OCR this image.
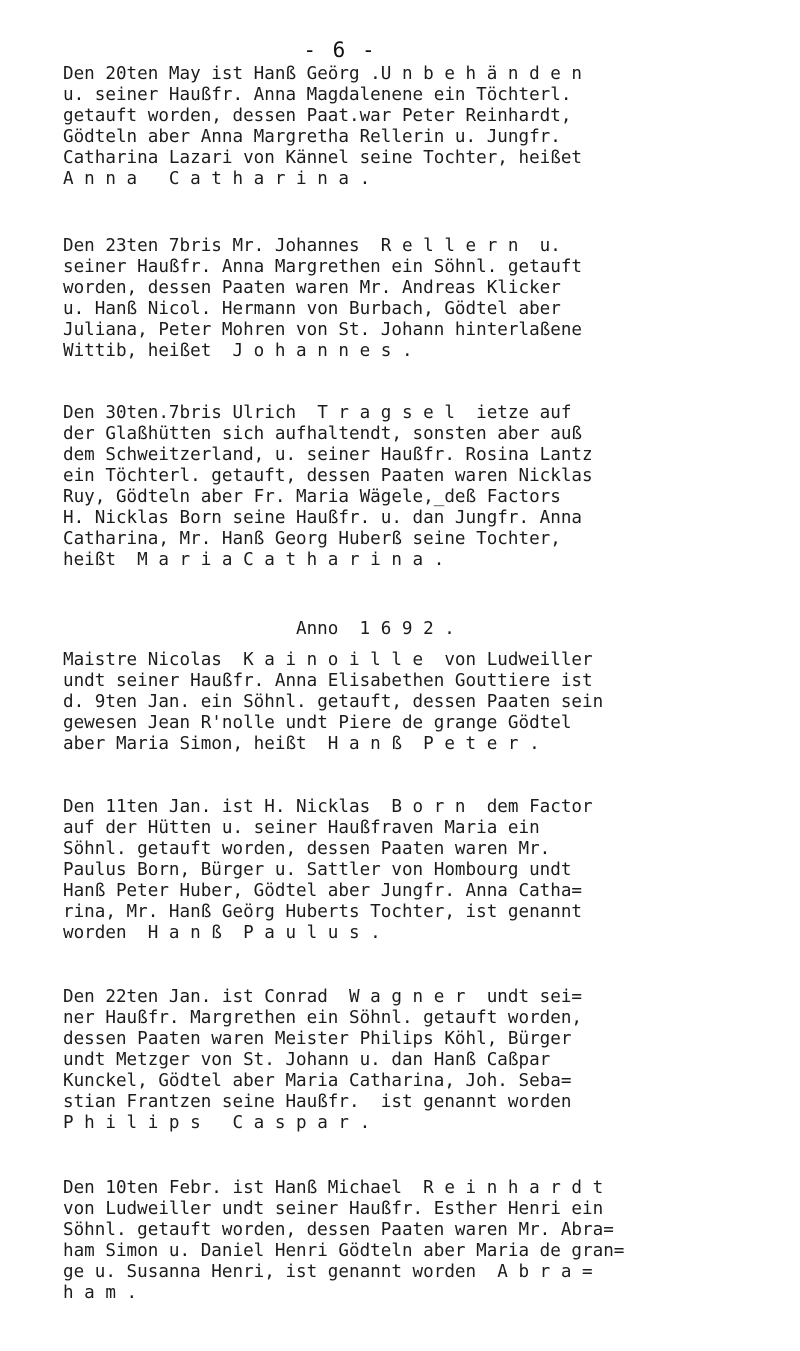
- 6 -
Den 20ten May ist Hanß Geörg .U n b e h ä n d e n
u. seiner Haußfr. Anna Magdalenene ein Töchterl.
getauft worden, dessen Paat.war Peter Reinhardt,
Gödteln aber Anna Margretha Rellerin u. Jungfr.
Catharina Lazari von Kännel seine Tochter, heißet
A n n a   C a t h a r i n a .
Den 23ten 7bris Mr. Johannes  R e l l e r n  u.
seiner Haußfr. Anna Margrethen ein Söhnl. getauft
worden, dessen Paaten waren Mr. Andreas Klicker
u. Hanß Nicol. Hermann von Burbach, Gödtel aber
Juliana, Peter Mohren von St. Johann hinterlaßene
Wittib, heißet  J o h a n n e s .
Den 30ten.7bris Ulrich  T r a g s e l  ietze auf
der Glaßhütten sich aufhaltendt, sonsten aber auß
dem Schweitzerland, u. seiner Haußfr. Rosina Lantz
ein Töchterl. getauft, dessen Paaten waren Nicklas
Ruy, Gödteln aber Fr. Maria Wägele,_deß Factors
H. Nicklas Born seine Haußfr. u. dan Jungfr. Anna
Catharina, Mr. Hanß Georg Huberß seine Tochter,
heißt  M a r i a C a t h a r i n a .
Anno  1 6 9 2 .
Maistre Nicolas  K a i n o i l l e  von Ludweiller
undt seiner Haußfr. Anna Elisabethen Gouttiere ist
d. 9ten Jan. ein Söhnl. getauft, dessen Paaten sein
gewesen Jean R'nolle undt Piere de grange Gödtel
aber Maria Simon, heißt  H a n ß  P e t e r .
Den 11ten Jan. ist H. Nicklas  B o r n  dem Factor
auf der Hütten u. seiner Haußfraven Maria ein
Söhnl. getauft worden, dessen Paaten waren Mr.
Paulus Born, Bürger u. Sattler von Hombourg undt
Hanß Peter Huber, Gödtel aber Jungfr. Anna Catha=
rina, Mr. Hanß Geörg Huberts Tochter, ist genannt
worden  H a n ß  P a u l u s .
Den 22ten Jan. ist Conrad  W a g n e r  undt sei=
ner Haußfr. Margrethen ein Söhnl. getauft worden,
dessen Paaten waren Meister Philips Köhl, Bürger
undt Metzger von St. Johann u. dan Hanß Caßpar
Kunckel, Gödtel aber Maria Catharina, Joh. Seba=
stian Frantzen seine Haußfr.  ist genannt worden
P h i l i p s   C a s p a r .
Den 10ten Febr. ist Hanß Michael  R e i n h a r d t
von Ludweiller undt seiner Haußfr. Esther Henri ein
Söhnl. getauft worden, dessen Paaten waren Mr. Abra=
ham Simon u. Daniel Henri Gödteln aber Maria de gran=
ge u. Susanna Henri, ist genannt worden  A b r a =
h a m .
